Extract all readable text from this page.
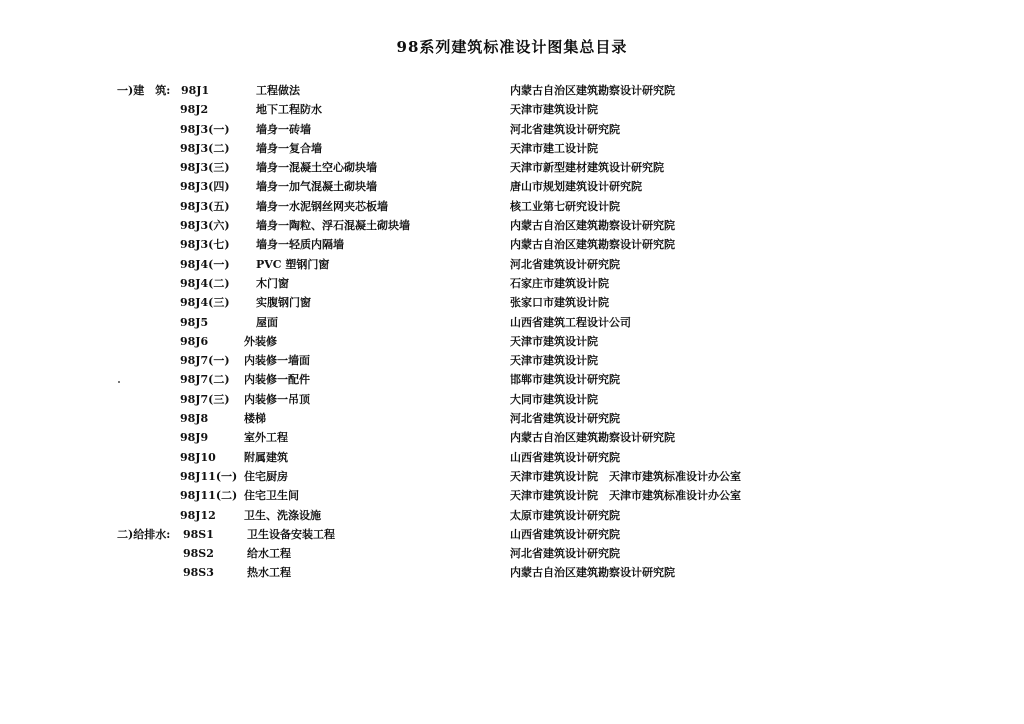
98系列建筑标准设计图集总目录
一)建　筑: 98J1	工程做法	内蒙古自治区建筑勘察设计研究院
98J2	地下工程防水	天津市建筑设计院
98J3(一) 墙身一砖墙	河北省建筑设计研究院
98J3(二) 墙身一复合墙	天津市建工设计院
98J3(三) 墙身一混凝土空心砌块墙	天津市新型建材建筑设计研究院
98J3(四) 墙身一加气混凝土砌块墙	唐山市规划建筑设计研究院
98J3(五) 墙身一水泥钢丝网夹芯板墙	核工业第七研究设计院
98J3(六) 墙身一陶粒、浮石混凝土砌块墙	内蒙古自治区建筑勘察设计研究院
98J3(七) 墙身一轻质内隔墙	内蒙古自治区建筑勘察设计研究院
98J4(一) PVC 塑钢门窗	河北省建筑设计研究院
98J4(二) 木门窗	石家庄市建筑设计院
98J4(三) 实腹钢门窗	张家口市建筑设计院
98J5	屋面	山西省建筑工程设计公司
98J6	外装修	天津市建筑设计院
98J7(一) 内装修一墙面	天津市建筑设计院
98J7(二) 内装修一配件	邯郸市建筑设计研究院
98J7(三) 内装修一吊顶	大同市建筑设计院
98J8	楼梯	河北省建筑设计研究院
98J9	室外工程	内蒙古自治区建筑勘察设计研究院
98J10	附属建筑	山西省建筑设计研究院
98J11(一) 住宅厨房	天津市建筑设计院　天津市建筑标准设计办公室
98J11(二) 住宅卫生间	天津市建筑设计院　天津市建筑标准设计办公室
98J12	卫生、洗涤设施	太原市建筑设计研究院
二)给排水: 98S1	卫生设备安装工程	山西省建筑设计研究院
98S2	给水工程	河北省建筑设计研究院
98S3	热水工程	内蒙古自治区建筑勘察设计研究院
